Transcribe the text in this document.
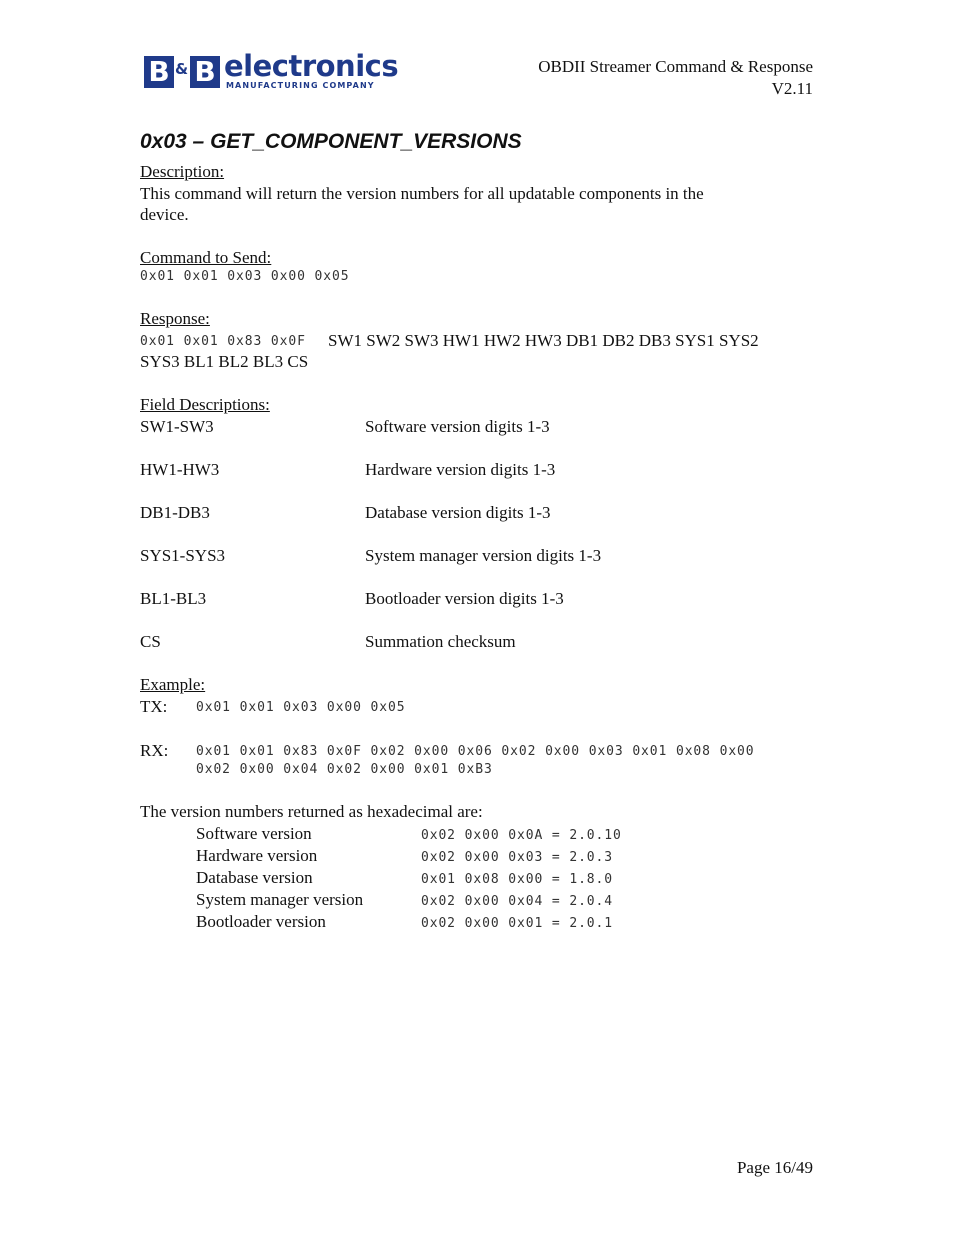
B & B electronics
MANUFACTURING COMPANY
OBDII Streamer Command & Response
V2.11
0x03 – GET_COMPONENT_VERSIONS
Description:
This command will return the version numbers for all updatable components in the
device.
Command to Send:
0x01 0x01 0x03 0x00 0x05
Response:
0x01 0x01 0x83 0x0F SW1 SW2 SW3 HW1 HW2 HW3 DB1 DB2 DB3 SYS1 SYS2
SYS3 BL1 BL2 BL3 CS
Field Descriptions:
SW1-SW3	Software version digits 1-3
HW1-HW3	Hardware version digits 1-3
DB1-DB3	Database version digits 1-3
SYS1-SYS3	System manager version digits 1-3
BL1-BL3	Bootloader version digits 1-3
CS	Summation checksum
Example:
TX: 0x01 0x01 0x03 0x00 0x05
RX: 0x01 0x01 0x83 0x0F 0x02 0x00 0x06 0x02 0x00 0x03 0x01 0x08 0x00
0x02 0x00 0x04 0x02 0x00 0x01 0xB3
The version numbers returned as hexadecimal are:
Software version	0x02 0x00 0x0A = 2.0.10
Hardware version	0x02 0x00 0x03 = 2.0.3
Database version	0x01 0x08 0x00 = 1.8.0
System manager version	0x02 0x00 0x04 = 2.0.4
Bootloader version	0x02 0x00 0x01 = 2.0.1
Page 16/49
